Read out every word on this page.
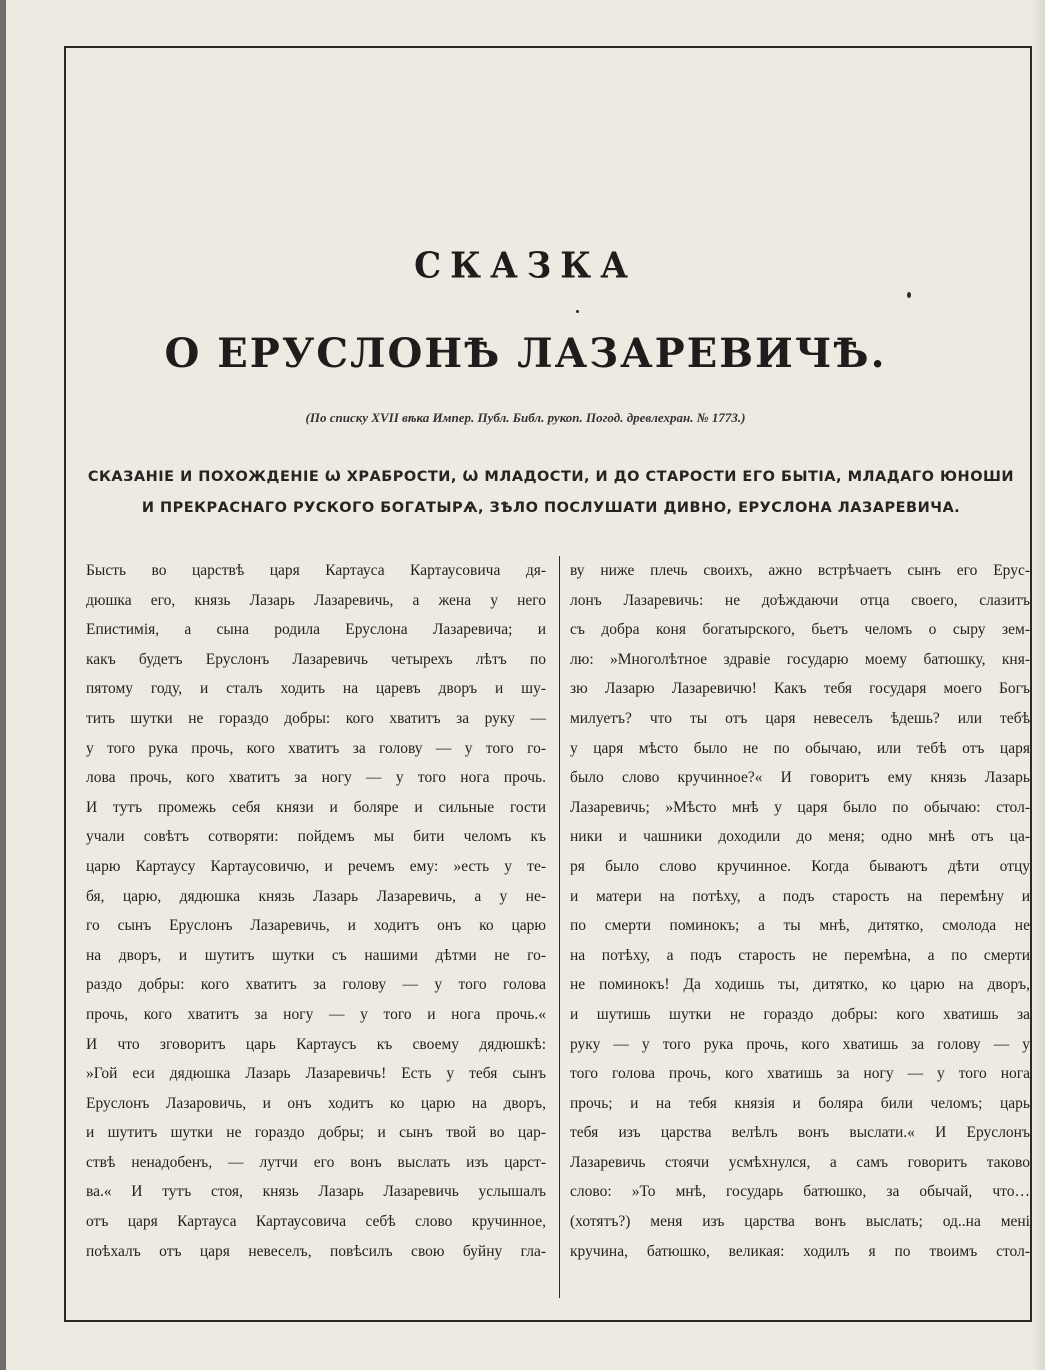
СКАЗКА
О ЕРУСЛОНѢ ЛАЗАРЕВИЧѢ.
(По списку XVII вѣка Импер. Публ. Библ. рукоп. Погод. древлехран. № 1773.)
СКАЗАНІЕ И ПОХОЖДЕНІЕ Ѡ ХРАБРОСТИ, Ѡ МЛАДОСТИ, И ДО СТАРОСТИ ЕГО БЫТІА, МЛАДАГО ЮНОШИ И ПРЕКРАСНАГО РУСКОГО БОГАТЫРѦ, ЗѢЛО ПОСЛУШАТИ ДИВНО, ЕРУСЛОНА ЛАЗАРЕВИЧА.
Бысть во царствѣ царя Картауса Картаусовича дя-
дюшка его, князь Лазарь Лазаревичь, а жена у него
Епистимія, а сына родила Еруслона Лазаревича; и
какъ будетъ Еруслонъ Лазаревичь четырехъ лѣтъ по
пятому году, и сталъ ходить на царевъ дворъ и шу-
тить шутки не гораздо добры: кого хватитъ за руку —
у того рука прочь, кого хватитъ за голову — у того го-
лова прочь, кого хватитъ за ногу — у того нога прочь.
И тутъ промежь себя князи и боляре и сильные гости
учали совѣтъ сотворяти: пойдемъ мы бити челомъ къ
царю Картаусу Картаусовичю, и речемъ ему: »есть у те-
бя, царю, дядюшка князь Лазарь Лазаревичь, а у не-
го сынъ Еруслонъ Лазаревичь, и ходитъ онъ ко царю
на дворъ, и шутитъ шутки съ нашими дѣтми не го-
раздо добры: кого хватитъ за голову — у того голова
прочь, кого хватитъ за ногу — у того и нога прочь.«
И что зговоритъ царь Картаусъ къ своему дядюшкѣ:
»Гой еси дядюшка Лазарь Лазаревичь! Есть у тебя сынъ
Еруслонъ Лазаровичь, и онъ ходитъ ко царю на дворъ,
и шутитъ шутки не гораздо добры; и сынъ твой во цар-
ствѣ ненадобенъ, — лутчи его вонъ выслать изъ царст-
ва.« И тутъ стоя, князь Лазарь Лазаревичь услышалъ
отъ царя Картауса Картаусовича себѣ слово кручинное,
поѣхалъ отъ царя невеселъ, повѣсилъ свою буйну гла-
ву ниже плечь своихъ, ажно встрѣчаетъ сынъ его Ерус-
лонъ Лазаревичь: не доѣждаючи отца своего, слазитъ
съ добра коня богатырского, бьетъ челомъ о сыру зем-
лю: »Многолѣтное здравіе государю моему батюшку, кня-
зю Лазарю Лазаревичю! Какъ тебя государя моего Богъ
милуетъ? что ты отъ царя невеселъ ѣдешь? или тебѣ
у царя мѣсто было не по обычаю, или тебѣ отъ царя
было слово кручинное?« И говоритъ ему князь Лазарь
Лазаревичь; »Мѣсто мнѣ у царя было по обычаю: стол-
ники и чашники доходили до меня; одно мнѣ отъ ца-
ря было слово кручинное. Когда бываютъ дѣти отцу
и матери на потѣху, а подъ старость на перемѣну и
по смерти поминокъ; а ты мнѣ, дитятко, смолода не
на потѣху, а подъ старость не перемѣна, а по смерти
не поминокъ! Да ходишь ты, дитятко, ко царю на дворъ,
и шутишь шутки не гораздо добры: кого хватишь за
руку — у того рука прочь, кого хватишь за голову — у
того голова прочь, кого хватишь за ногу — у того нога
прочь; и на тебя князія и боляра били челомъ; царь
тебя изъ царства велѣлъ вонъ выслати.« И Еруслонъ
Лазаревичь стоячи усмѣхнулся, а самъ говоритъ таково
слово: »То мнѣ, государь батюшко, за обычай, что…
(хотятъ?) меня изъ царства вонъ выслать; од..на мені
кручина, батюшко, великая: ходилъ я по твоимъ стол-
